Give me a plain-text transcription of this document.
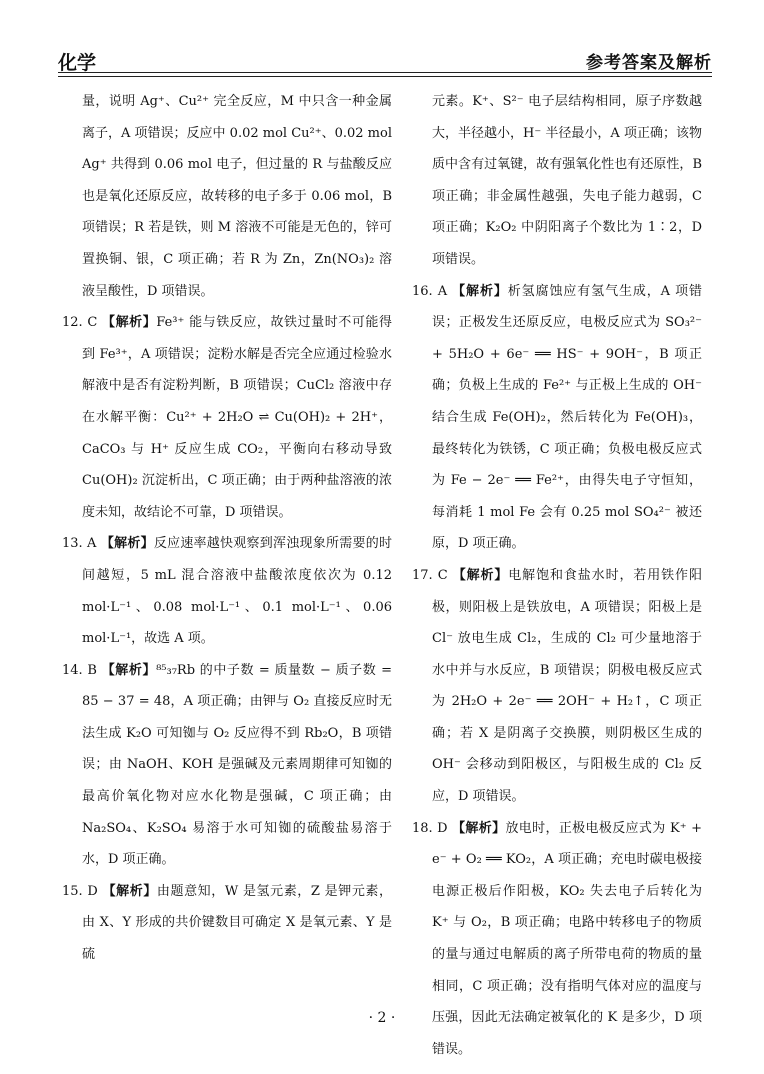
化学	参考答案及解析
量，说明 Ag⁺、Cu²⁺ 完全反应，M 中只含一种金属离子，A 项错误；反应中 0.02 mol Cu²⁺、0.02 mol Ag⁺ 共得到 0.06 mol 电子，但过量的 R 与盐酸反应也是氧化还原反应，故转移的电子多于 0.06 mol，B 项错误；R 若是铁，则 M 溶液不可能是无色的，锌可置换铜、银，C 项正确；若 R 为 Zn，Zn(NO₃)₂ 溶液呈酸性，D 项错误。
12. C 【解析】Fe³⁺ 能与铁反应，故铁过量时不可能得到 Fe³⁺，A 项错误；淀粉水解是否完全应通过检验水解液中是否有淀粉判断，B 项错误；CuCl₂ 溶液中存在水解平衡：Cu²⁺ + 2H₂O ⇌ Cu(OH)₂ + 2H⁺，CaCO₃ 与 H⁺ 反应生成 CO₂，平衡向右移动导致 Cu(OH)₂ 沉淀析出，C 项正确；由于两种盐溶液的浓度未知，故结论不可靠，D 项错误。
13. A 【解析】反应速率越快观察到浑浊现象所需要的时间越短，5 mL 混合溶液中盐酸浓度依次为 0.12 mol·L⁻¹、0.08 mol·L⁻¹、0.1 mol·L⁻¹、0.06 mol·L⁻¹，故选 A 项。
14. B 【解析】⁸⁵₃₇Rb 的中子数 = 质量数 − 质子数 = 85 − 37 = 48，A 项正确；由钾与 O₂ 直接反应时无法生成 K₂O 可知铷与 O₂ 反应得不到 Rb₂O，B 项错误；由 NaOH、KOH 是强碱及元素周期律可知铷的最高价氧化物对应水化物是强碱，C 项正确；由 Na₂SO₄、K₂SO₄ 易溶于水可知铷的硫酸盐易溶于水，D 项正确。
15. D 【解析】由题意知，W 是氢元素，Z 是钾元素，由 X、Y 形成的共价键数目可确定 X 是氧元素、Y 是硫
元素。K⁺、S²⁻ 电子层结构相同，原子序数越大，半径越小，H⁻ 半径最小，A 项正确；该物质中含有过氧键，故有强氧化性也有还原性，B 项正确；非金属性越强，失电子能力越弱，C 项正确；K₂O₂ 中阴阳离子个数比为 1∶2，D 项错误。
16. A 【解析】析氢腐蚀应有氢气生成，A 项错误；正极发生还原反应，电极反应式为 SO₃²⁻ + 5H₂O + 6e⁻ ══ HS⁻ + 9OH⁻，B 项正确；负极上生成的 Fe²⁺ 与正极上生成的 OH⁻ 结合生成 Fe(OH)₂，然后转化为 Fe(OH)₃，最终转化为铁锈，C 项正确；负极电极反应式为 Fe − 2e⁻ ══ Fe²⁺，由得失电子守恒知，每消耗 1 mol Fe 会有 0.25 mol SO₄²⁻ 被还原，D 项正确。
17. C 【解析】电解饱和食盐水时，若用铁作阳极，则阳极上是铁放电，A 项错误；阳极上是 Cl⁻ 放电生成 Cl₂，生成的 Cl₂ 可少量地溶于水中并与水反应，B 项错误；阴极电极反应式为 2H₂O + 2e⁻ ══ 2OH⁻ + H₂↑，C 项正确；若 X 是阴离子交换膜，则阴极区生成的 OH⁻ 会移动到阳极区，与阳极生成的 Cl₂ 反应，D 项错误。
18. D 【解析】放电时，正极电极反应式为 K⁺ + e⁻ + O₂ ══ KO₂，A 项正确；充电时碳电极接电源正极后作阳极，KO₂ 失去电子后转化为 K⁺ 与 O₂，B 项正确；电路中转移电子的物质的量与通过电解质的离子所带电荷的物质的量相同，C 项正确；没有指明气体对应的温度与压强，因此无法确定被氧化的 K 是多少，D 项错误。
· 2 ·
